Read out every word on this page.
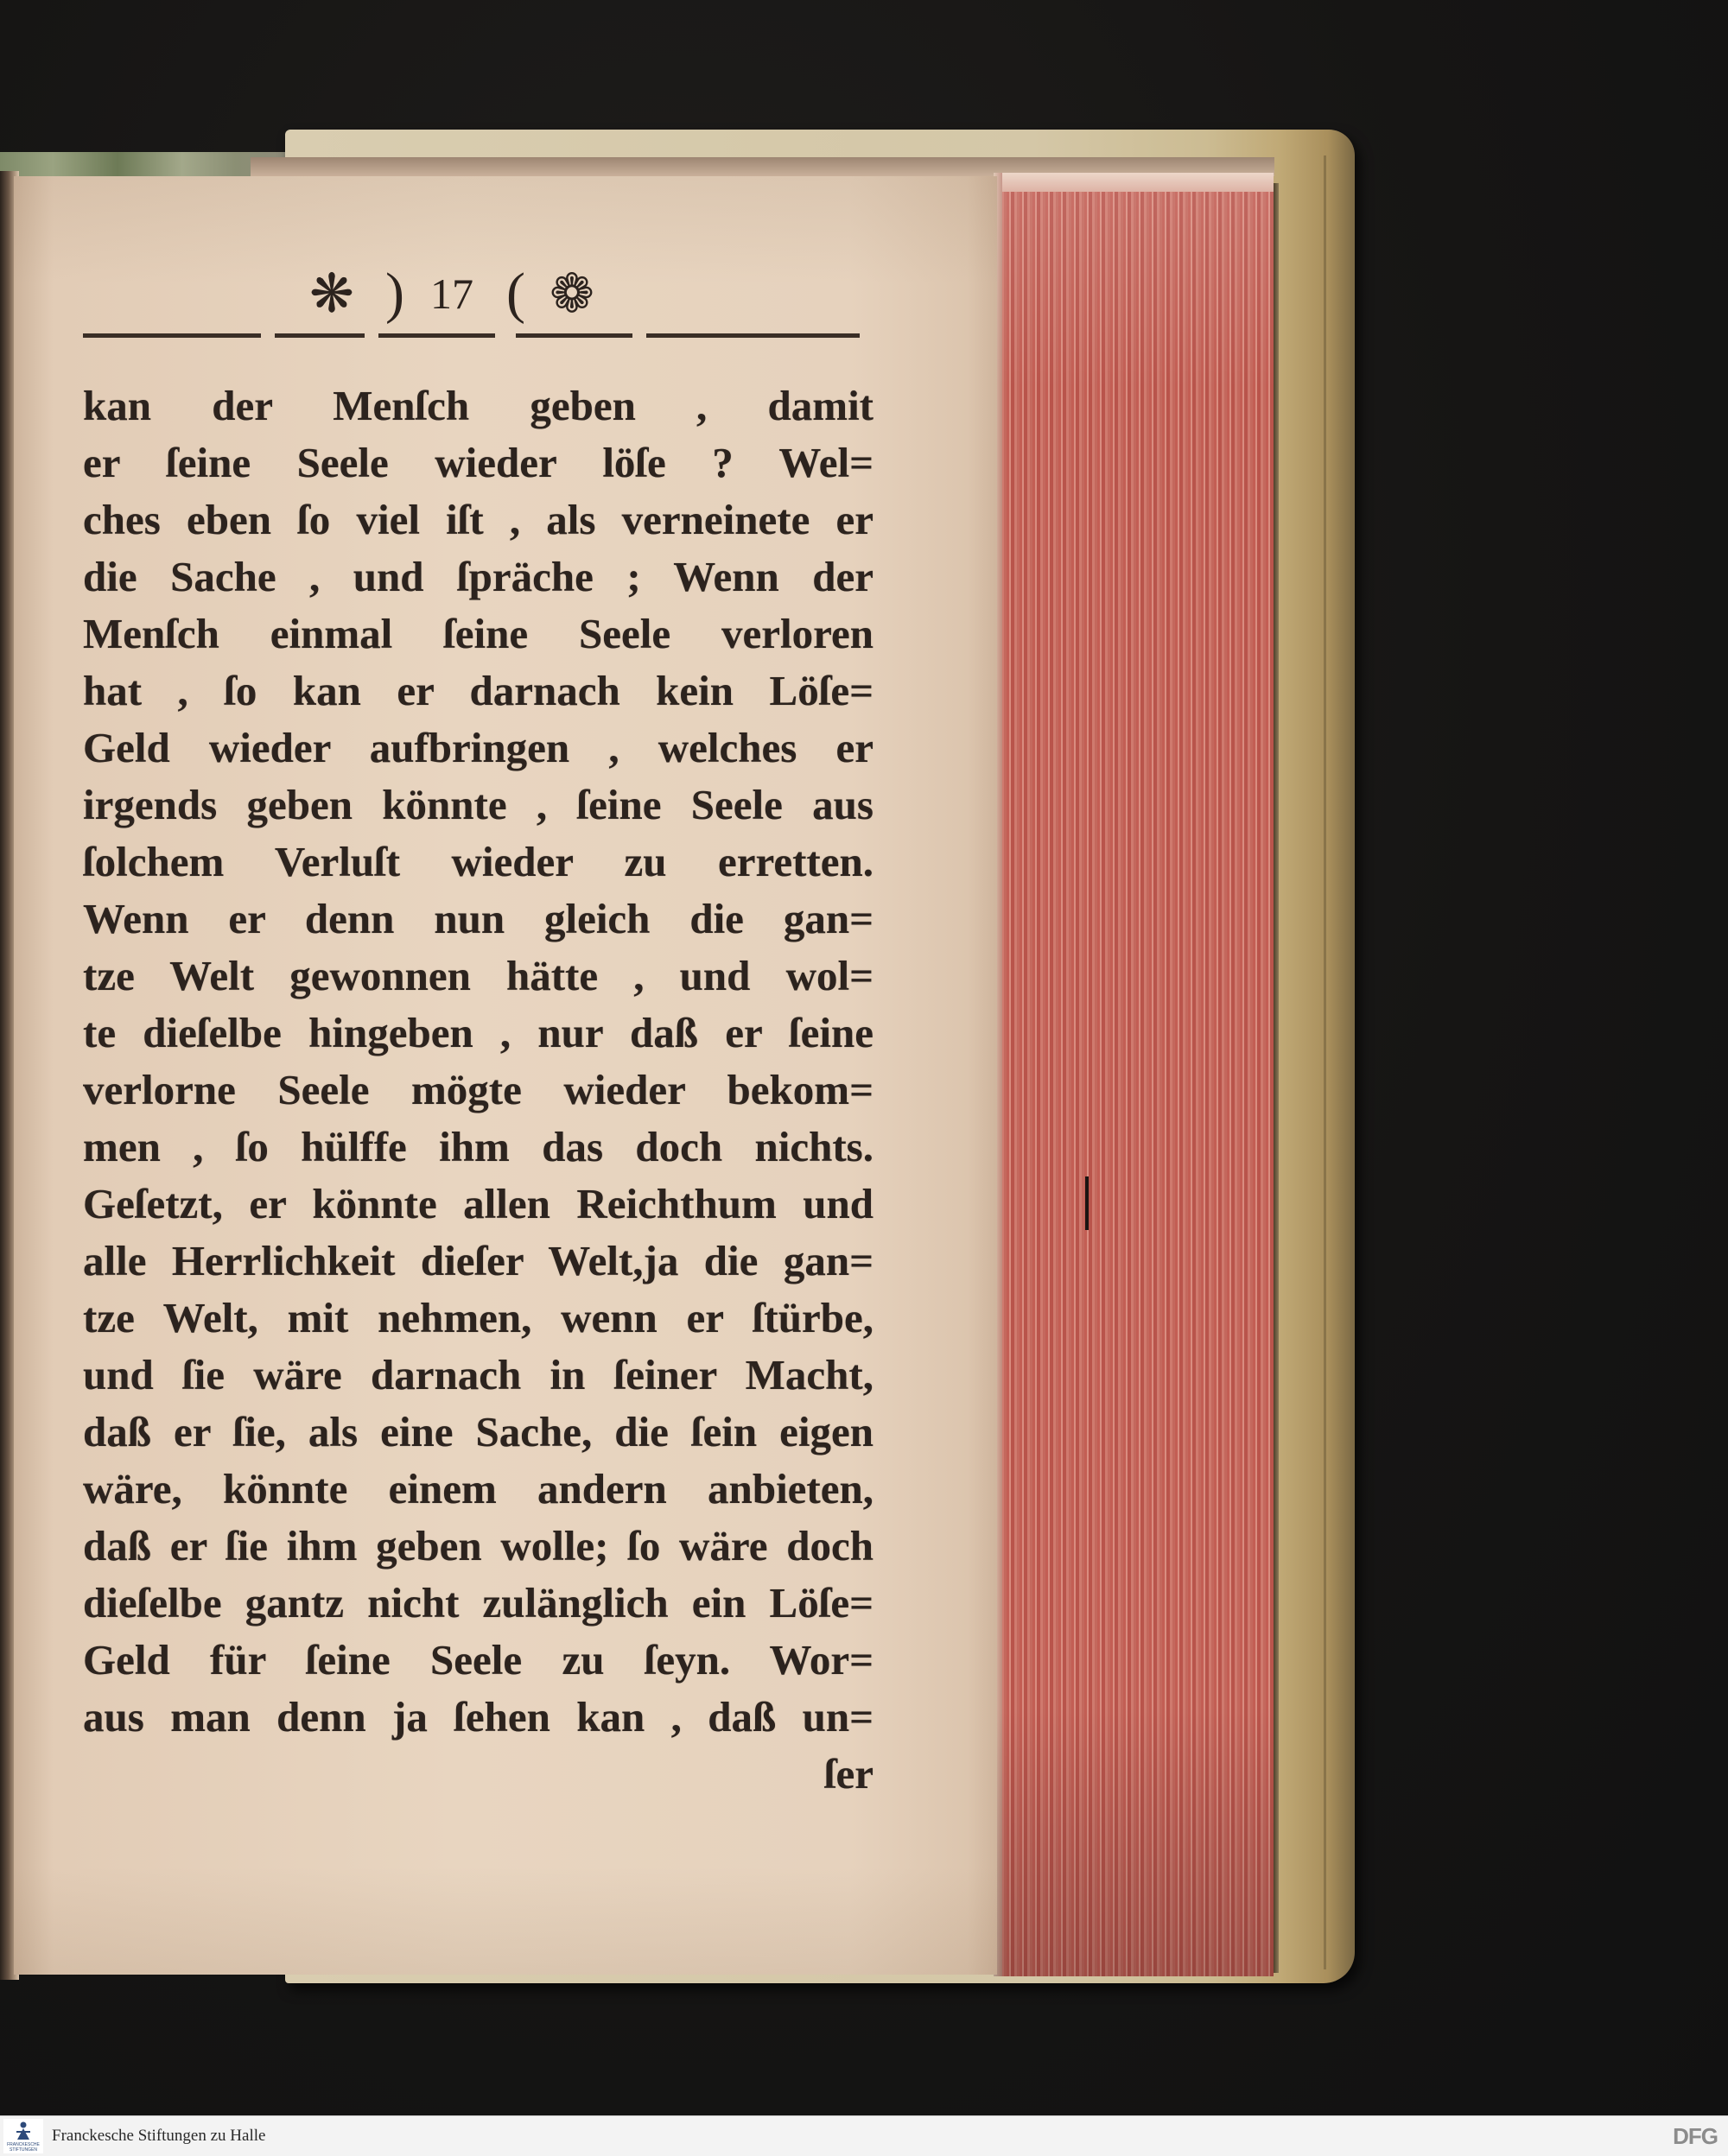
❋
) 17 (
❁
kan der Menſch geben , damit
er ſeine Seele wieder löſe ? Wel=
ches eben ſo viel iſt , als verneinete er
die Sache , und ſpräche ; Wenn der
Menſch einmal ſeine Seele verloren
hat , ſo kan er darnach kein Löſe=
Geld wieder aufbringen , welches er
irgends geben könnte , ſeine Seele aus
ſolchem Verluſt wieder zu erretten.
Wenn er denn nun gleich die gan=
tze Welt gewonnen hätte , und wol=
te dieſelbe hingeben , nur daß er ſeine
verlorne Seele mögte wieder bekom=
men , ſo hülffe ihm das doch nichts.
Geſetzt, er könnte allen Reichthum und
alle Herrlichkeit dieſer Welt,ja die gan=
tze Welt, mit nehmen, wenn er ſtürbe,
und ſie wäre darnach in ſeiner Macht,
daß er ſie, als eine Sache, die ſein eigen
wäre, könnte einem andern anbieten,
daß er ſie ihm geben wolle; ſo wäre doch
dieſelbe gantz nicht zulänglich ein Löſe=
Geld für ſeine Seele zu ſeyn. Wor=
aus man denn ja ſehen kan , daß un=
ſer
FRANCKESCHE STIFTUNGEN
Franckesche Stiftungen zu Halle	DFG
